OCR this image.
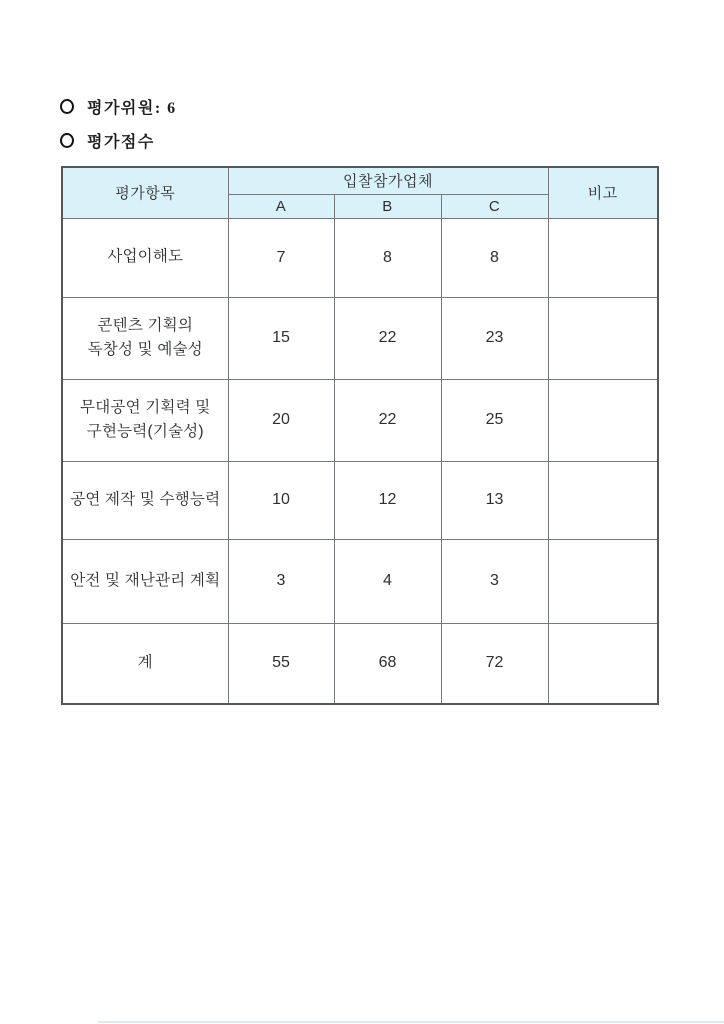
평가위원: 6
평가점수
평가항목	입찰참가업체			비고
	A	B	C	

사업이해도	7	8	8	

콘텐츠 기획의
독창성 및 예술성	15	22	23	

무대공연 기획력 및
구현능력(기술성)	20	22	25	

공연 제작 및 수행능력	10	12	13	

안전 및 재난관리 계획	3	4	3	
계	55	68	72	
